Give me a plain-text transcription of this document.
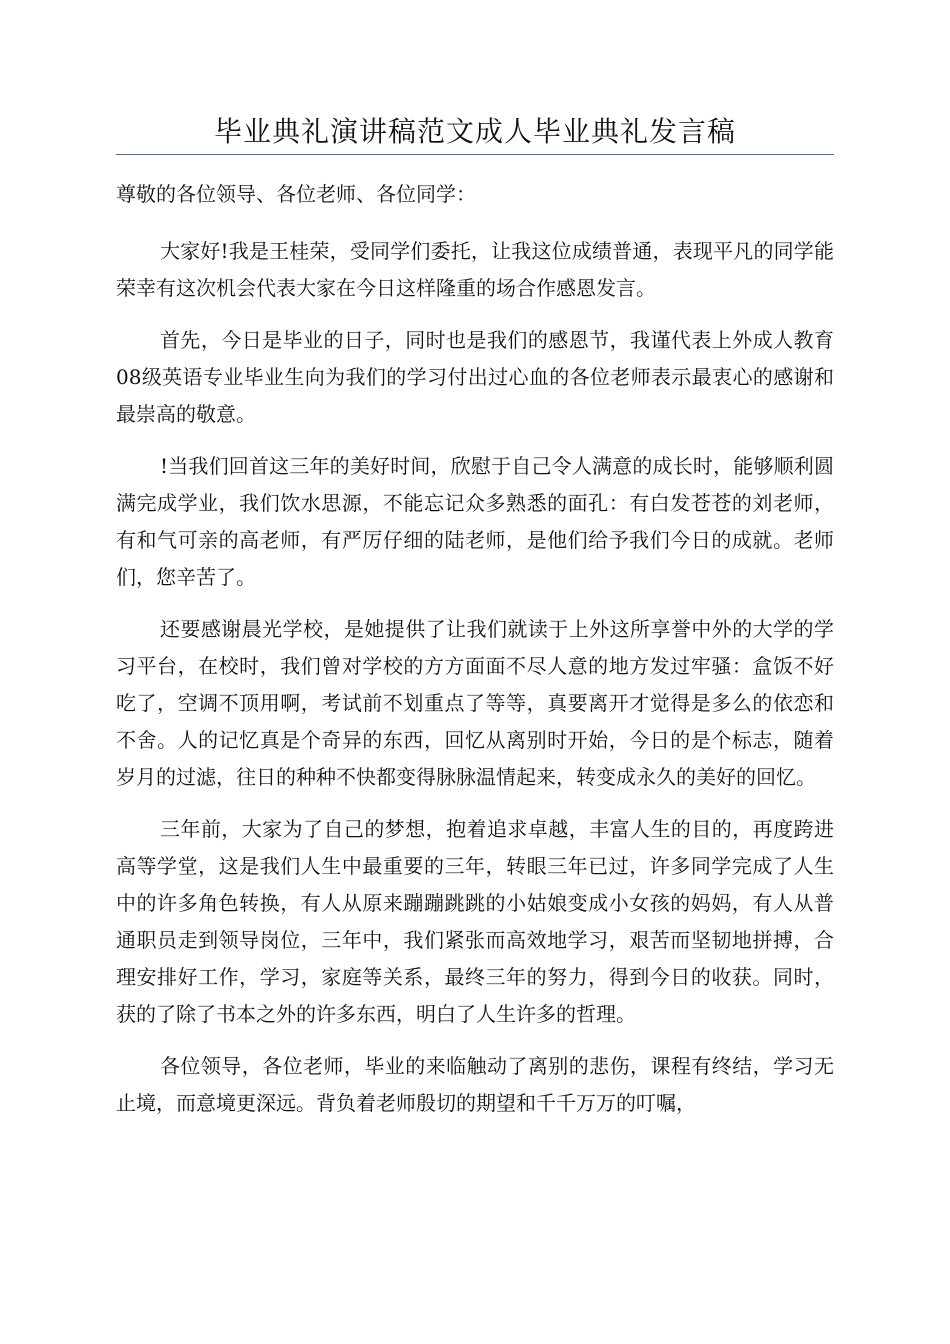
毕业典礼演讲稿范文成人毕业典礼发言稿

尊敬的各位领导、各位老师、各位同学：

大家好!我是王桂荣，受同学们委托，让我这位成绩普通，表现平凡的同学能荣幸有这次机会代表大家在今日这样隆重的场合作感恩发言。

首先，今日是毕业的日子，同时也是我们的感恩节，我谨代表上外成人教育08级英语专业毕业生向为我们的学习付出过心血的各位老师表示最衷心的感谢和最崇高的敬意。

!当我们回首这三年的美好时间，欣慰于自己令人满意的成长时，能够顺利圆满完成学业，我们饮水思源，不能忘记众多熟悉的面孔：有白发苍苍的刘老师，有和气可亲的高老师，有严厉仔细的陆老师，是他们给予我们今日的成就。老师们，您辛苦了。

还要感谢晨光学校，是她提供了让我们就读于上外这所享誉中外的大学的学习平台，在校时，我们曾对学校的方方面面不尽人意的地方发过牢骚：盒饭不好吃了，空调不顶用啊，考试前不划重点了等等，真要离开才觉得是多么的依恋和不舍。人的记忆真是个奇异的东西，回忆从离别时开始，今日的是个标志，随着岁月的过滤，往日的种种不快都变得脉脉温情起来，转变成永久的美好的回忆。

三年前，大家为了自己的梦想，抱着追求卓越，丰富人生的目的，再度跨进高等学堂，这是我们人生中最重要的三年，转眼三年已过，许多同学完成了人生中的许多角色转换，有人从原来蹦蹦跳跳的小姑娘变成小女孩的妈妈，有人从普通职员走到领导岗位，三年中，我们紧张而高效地学习，艰苦而坚韧地拼搏，合理安排好工作，学习，家庭等关系，最终三年的努力，得到今日的收获。同时，获的了除了书本之外的许多东西，明白了人生许多的哲理。

各位领导，各位老师，毕业的来临触动了离别的悲伤，课程有终结，学习无止境，而意境更深远。背负着老师殷切的期望和千千万万的叮嘱，
